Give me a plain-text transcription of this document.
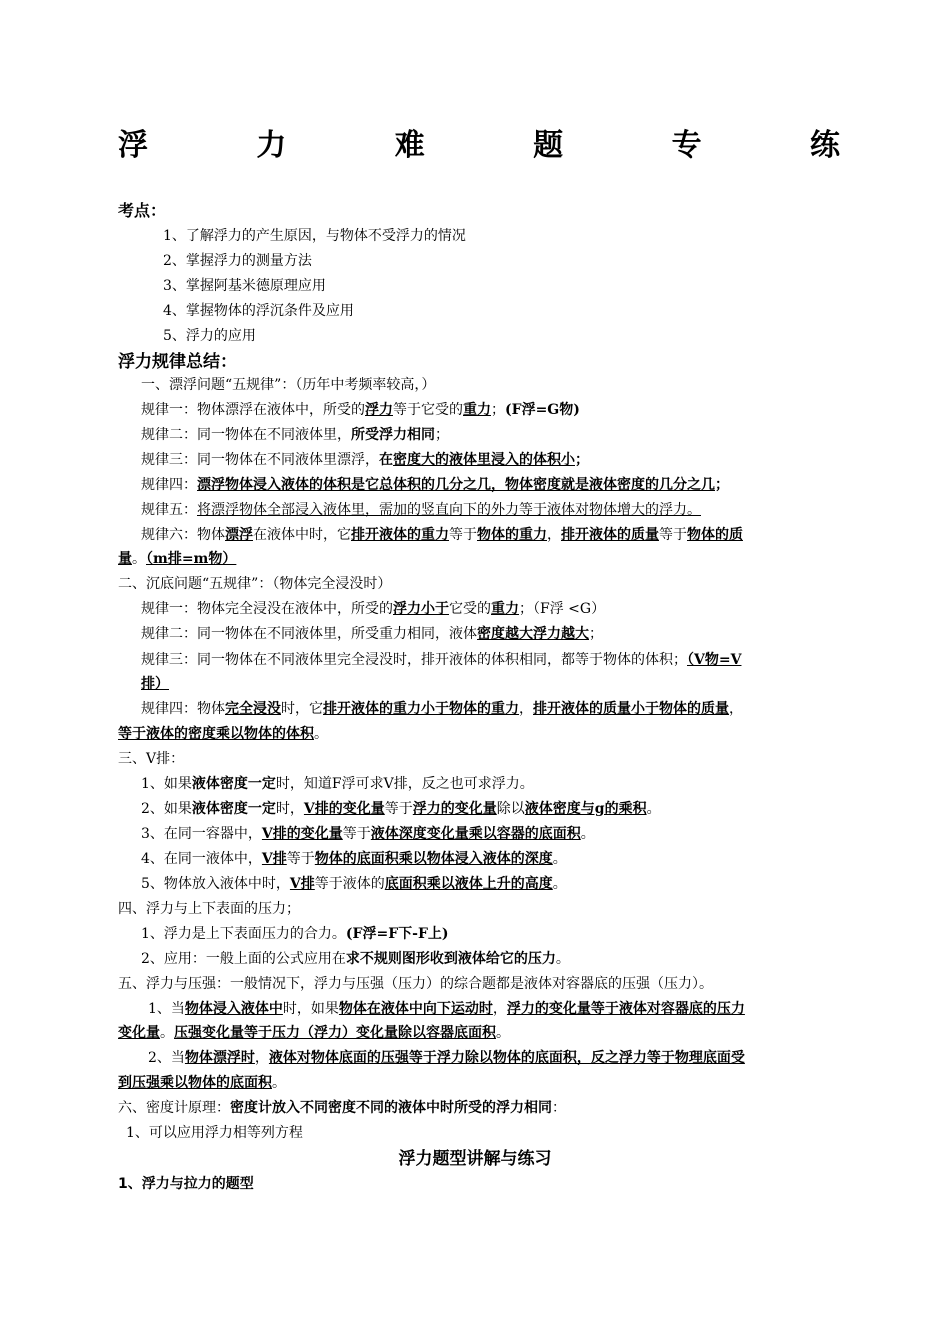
浮	力	难	题	专	练
考点：
1、了解浮力的产生原因，与物体不受浮力的情况
2、掌握浮力的测量方法
3、掌握阿基米德原理应用
4、掌握物体的浮沉条件及应用
5、浮力的应用
浮力规律总结：
一、漂浮问题“五规律”：（历年中考频率较高，）
规律一：物体漂浮在液体中，所受的浮力等于它受的重力；(F浮=G物)
规律二：同一物体在不同液体里，所受浮力相同；
规律三：同一物体在不同液体里漂浮，在密度大的液体里浸入的体积小；
规律四：漂浮物体浸入液体的体积是它总体积的几分之几，物体密度就是液体密度的几分之几；
规律五：将漂浮物体全部浸入液体里，需加的竖直向下的外力等于液体对物体增大的浮力。
规律六：物体漂浮在液体中时，它排开液体的重力等于物体的重力，排开液体的质量等于物体的质
量。（m排=m物）
二、沉底问题“五规律”：（物体完全浸没时）
规律一：物体完全浸没在液体中，所受的浮力小于它受的重力；（F浮 <G）
规律二：同一物体在不同液体里，所受重力相同，液体密度越大浮力越大；
规律三：同一物体在不同液体里完全浸没时，排开液体的体积相同，都等于物体的体积；（V物=V
排）
规律四：物体完全浸没时，它排开液体的重力小于物体的重力，排开液体的质量小于物体的质量，
等于液体的密度乘以物体的体积。
三、V排：
1、如果液体密度一定时，知道F浮可求V排，反之也可求浮力。
2、如果液体密度一定时，V排的变化量等于浮力的变化量除以液体密度与g的乘积。
3、在同一容器中，V排的变化量等于液体深度变化量乘以容器的底面积。
4、在同一液体中，V排等于物体的底面积乘以物体浸入液体的深度。
5、物体放入液体中时，V排等于液体的底面积乘以液体上升的高度。
四、浮力与上下表面的压力；
1、浮力是上下表面压力的合力。(F浮=F下-F上)
2、应用：一般上面的公式应用在求不规则图形收到液体给它的压力。
五、浮力与压强：一般情况下，浮力与压强（压力）的综合题都是液体对容器底的压强（压力）。
1、当物体浸入液体中时，如果物体在液体中向下运动时，浮力的变化量等于液体对容器底的压力
变化量。压强变化量等于压力（浮力）变化量除以容器底面积。
2、当物体漂浮时，液体对物体底面的压强等于浮力除以物体的底面积，反之浮力等于物理底面受
到压强乘以物体的底面积。
六、密度计原理：密度计放入不同密度不同的液体中时所受的浮力相同：
1、可以应用浮力相等列方程
浮力题型讲解与练习
1、浮力与拉力的题型
